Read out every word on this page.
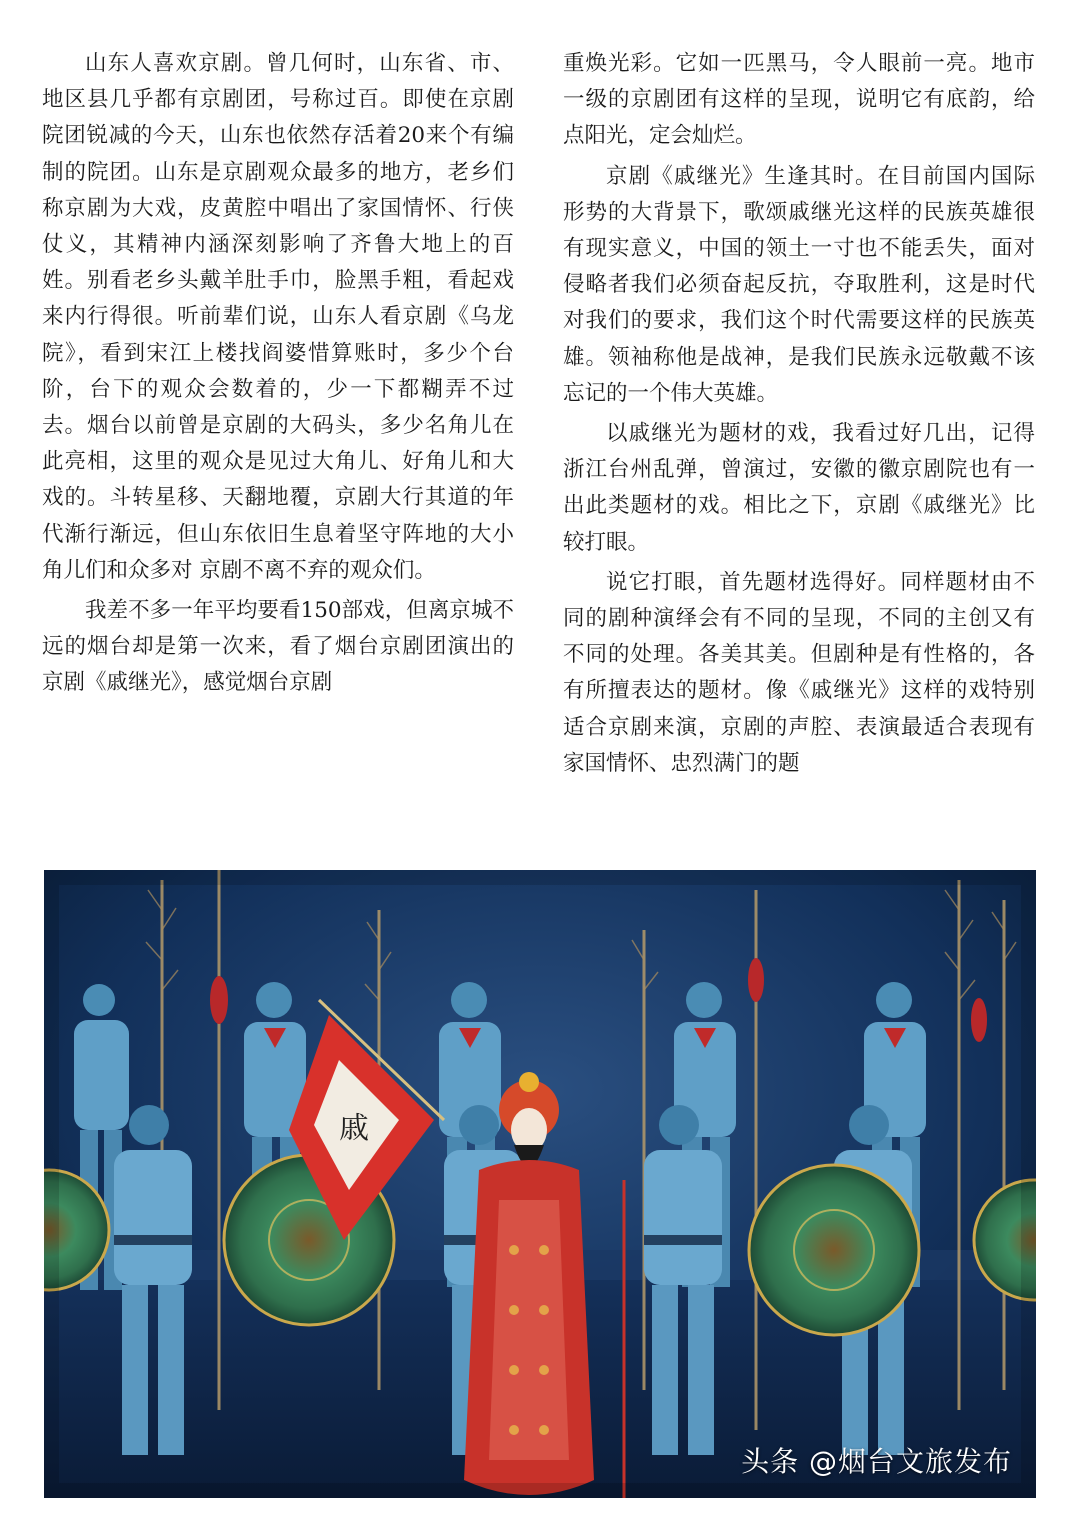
山东人喜欢京剧。曾几何时，山东省、市、地区县几乎都有京剧团，号称过百。即使在京剧院团锐减的今天，山东也依然存活着20来个有编制的院团。山东是京剧观众最多的地方，老乡们称京剧为大戏，皮黄腔中唱出了家国情怀、行侠仗义，其精神内涵深刻影响了齐鲁大地上的百姓。别看老乡头戴羊肚手巾，脸黑手粗，看起戏来内行得很。听前辈们说，山东人看京剧《乌龙院》，看到宋江上楼找阎婆惜算账时，多少个台阶，台下的观众会数着的，少一下都糊弄不过去。烟台以前曾是京剧的大码头，多少名角儿在此亮相，这里的观众是见过大角儿、好角儿和大戏的。斗转星移、天翻地覆，京剧大行其道的年代渐行渐远，但山东依旧生息着坚守阵地的大小角儿们和众多对 京剧不离不弃的观众们。

我差不多一年平均要看150部戏，但离京城不远的烟台却是第一次来，看了烟台京剧团演出的京剧《戚继光》，感觉烟台京剧

重焕光彩。它如一匹黑马，令人眼前一亮。地市一级的京剧团有这样的呈现，说明它有底韵，给点阳光，定会灿烂。

京剧《戚继光》生逢其时。在目前国内国际形势的大背景下，歌颂戚继光这样的民族英雄很有现实意义，中国的领土一寸也不能丢失，面对侵略者我们必须奋起反抗，夺取胜利，这是时代对我们的要求，我们这个时代需要这样的民族英雄。领袖称他是战神，是我们民族永远敬戴不该忘记的一个伟大英雄。

以戚继光为题材的戏，我看过好几出，记得浙江台州乱弹，曾演过，安徽的徽京剧院也有一出此类题材的戏。相比之下，京剧《戚继光》比较打眼。

说它打眼，首先题材选得好。同样题材由不同的剧种演绎会有不同的呈现，不同的主创又有不同的处理。各美其美。但剧种是有性格的，各有所擅表达的题材。像《戚继光》这样的戏特别适合京剧来演，京剧的声腔、表演最适合表现有家国情怀、忠烈满门的题

戚
头条 @烟台文旅发布
